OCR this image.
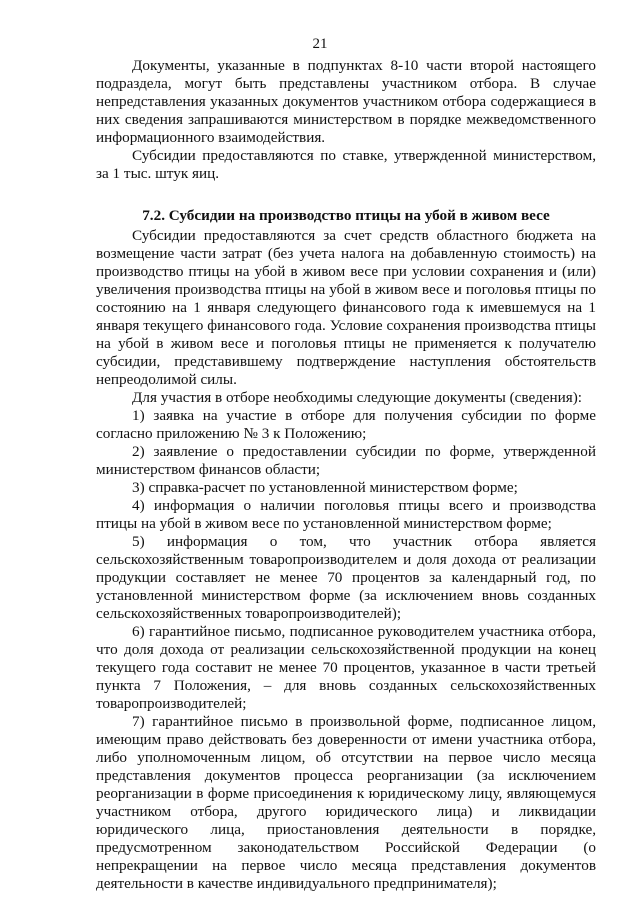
21

Документы, указанные в подпунктах 8-10 части второй настоящего подраздела, могут быть представлены участником отбора. В случае непредставления указанных документов участником отбора содержащиеся в них сведения запрашиваются министерством в порядке межведомственного информационного взаимодействия.

Субсидии предоставляются по ставке, утвержденной министерством, за 1 тыс. штук яиц.

7.2. Субсидии на производство птицы на убой в живом весе

Субсидии предоставляются за счет средств областного бюджета на возмещение части затрат (без учета налога на добавленную стоимость) на производство птицы на убой в живом весе при условии сохранения и (или) увеличения производства птицы на убой в живом весе и поголовья птицы по состоянию на 1 января следующего финансового года к имевшемуся на 1 января текущего финансового года. Условие сохранения производства птицы на убой в живом весе и поголовья птицы не применяется к получателю субсидии, представившему подтверждение наступления обстоятельств непреодолимой силы.

Для участия в отборе необходимы следующие документы (сведения):

1) заявка на участие в отборе для получения субсидии по форме согласно приложению № 3 к Положению;

2) заявление о предоставлении субсидии по форме, утвержденной министерством финансов области;

3) справка-расчет по установленной министерством форме;

4) информация о наличии поголовья птицы всего и производства птицы на убой в живом весе по установленной министерством форме;

5) информация о том, что участник отбора является сельскохозяйственным товаропроизводителем и доля дохода от реализации продукции составляет не менее 70 процентов за календарный год, по установленной министерством форме (за исключением вновь созданных сельскохозяйственных товаропроизводителей);

6) гарантийное письмо, подписанное руководителем участника отбора, что доля дохода от реализации сельскохозяйственной продукции на конец текущего года составит не менее 70 процентов, указанное в части третьей пункта 7 Положения, – для вновь созданных сельскохозяйственных товаропроизводителей;

7) гарантийное письмо в произвольной форме, подписанное лицом, имеющим право действовать без доверенности от имени участника отбора, либо уполномоченным лицом, об отсутствии на первое число месяца представления документов процесса реорганизации (за исключением реорганизации в форме присоединения к юридическому лицу, являющемуся участником отбора, другого юридического лица) и ликвидации юридического лица, приостановления деятельности в порядке, предусмотренном законодательством Российской Федерации (о непрекращении на первое число месяца представления документов деятельности в качестве индивидуального предпринимателя);
